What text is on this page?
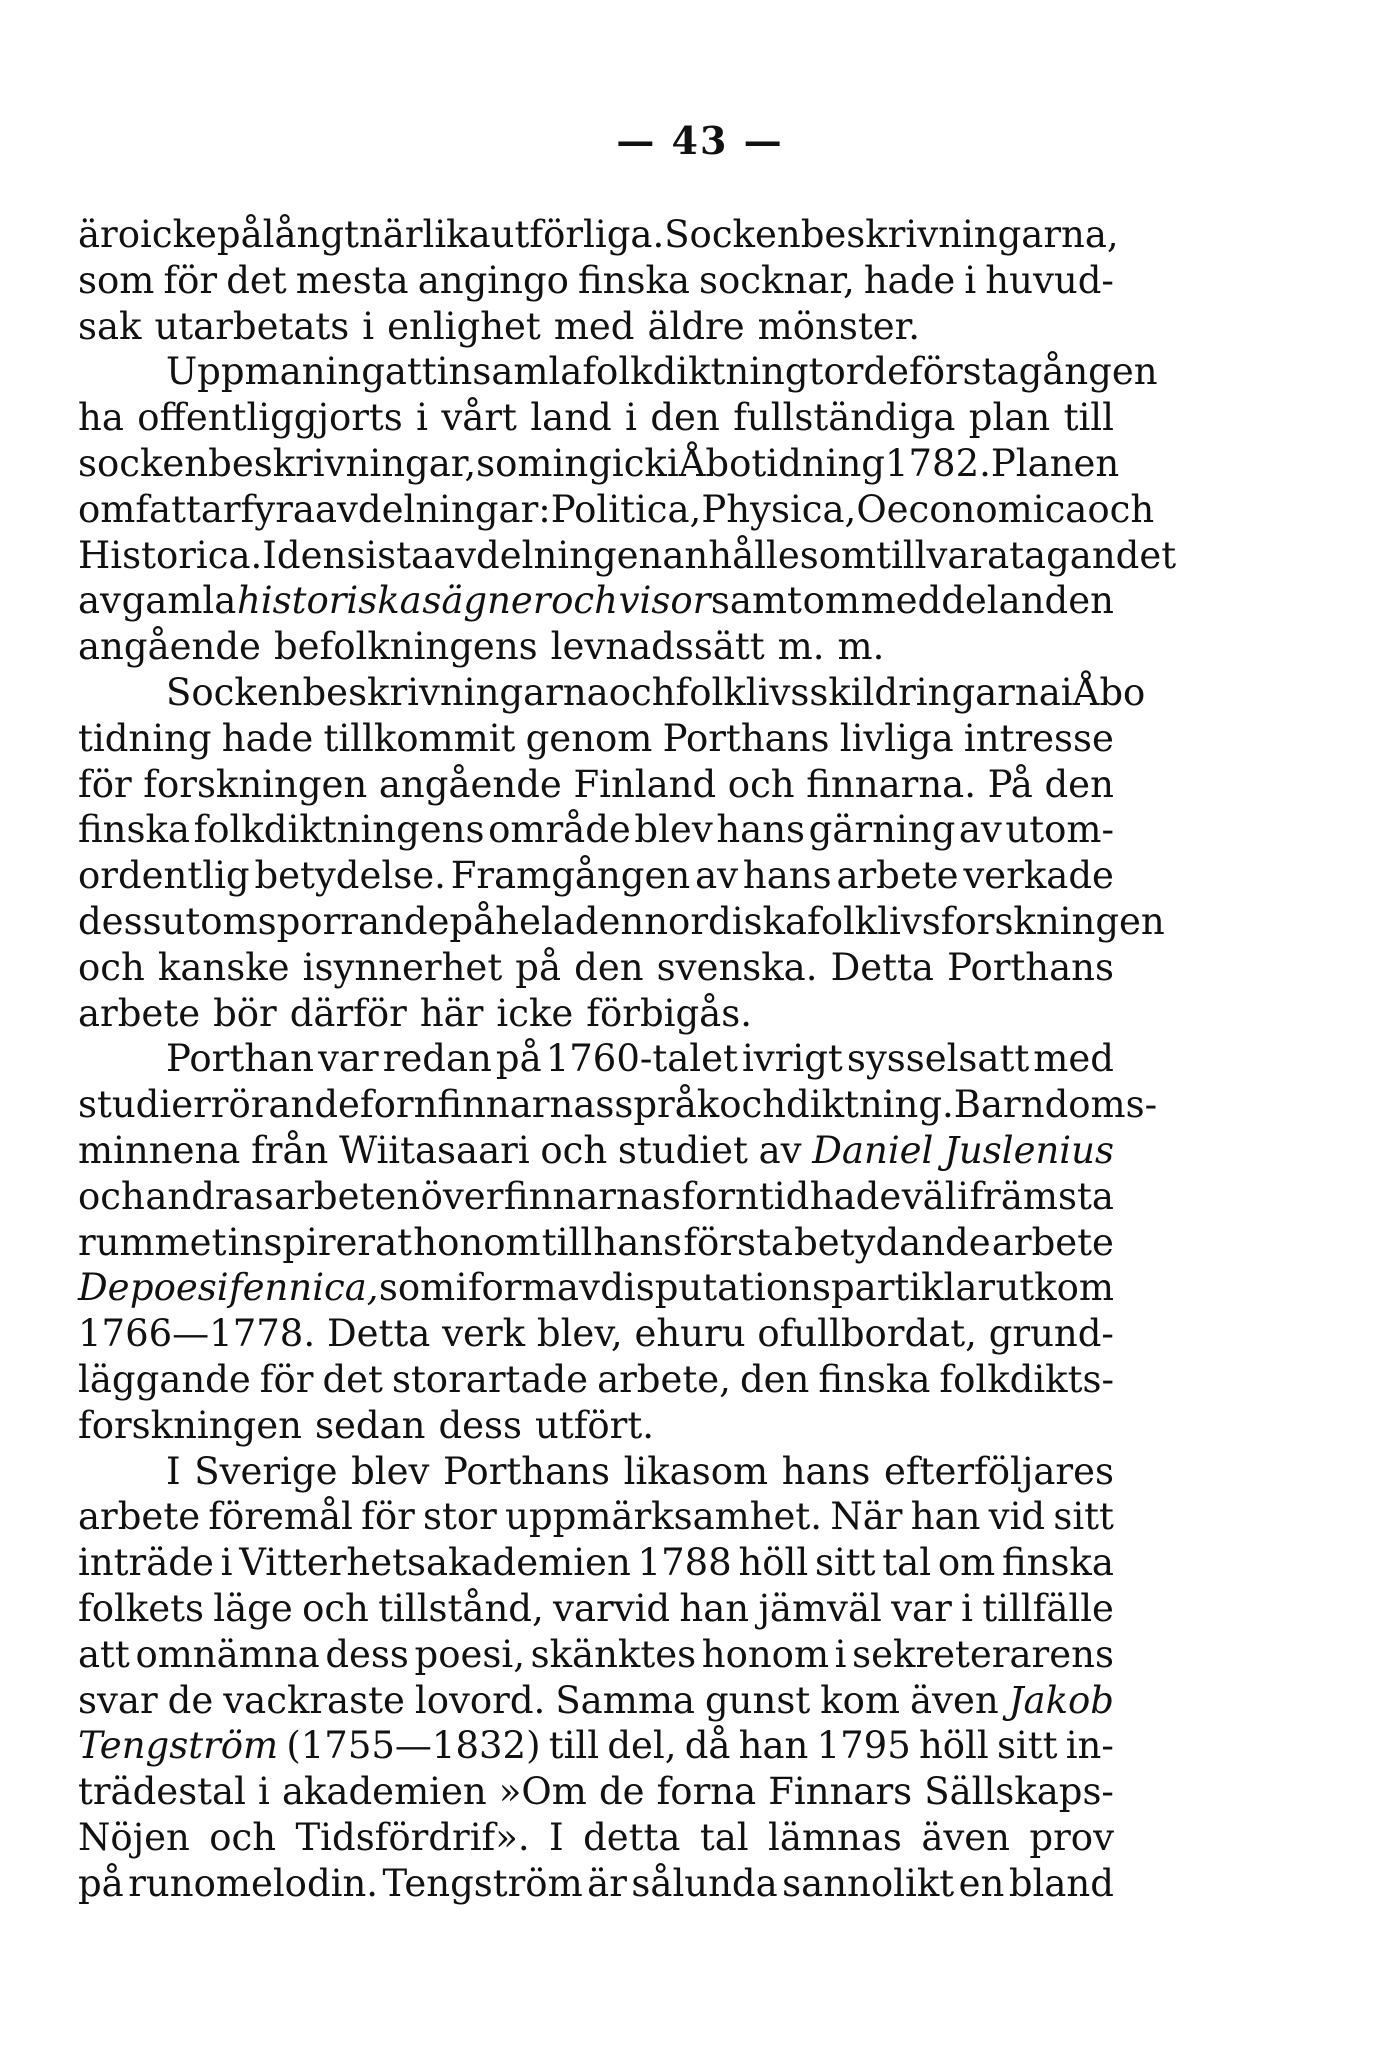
— 43 —
äro icke på långt när lika utförliga. Sockenbeskrivningarna,
som för det mesta angingo finska socknar, hade i huvud-
sak utarbetats i enlighet med äldre mönster.
Uppmaning att insamla folkdiktning torde första gången
ha offentliggjorts i vårt land i den fullständiga plan till
sockenbeskrivningar, som ingick i Åbo tidning 1782. Planen
omfattar fyra avdelningar: Politica, Physica, Oeconomica och
Historica. I den sista avdelningen anhålles om tillvaratagandet
av gamla historiska sägner och visor samt om meddelanden
angående befolkningens levnadssätt m. m.
Sockenbeskrivningarna och folklivsskildringarna i Åbo
tidning hade tillkommit genom Porthans livliga intresse
för forskningen angående Finland och finnarna. På den
finska folkdiktningens område blev hans gärning av utom-
ordentlig betydelse. Framgången av hans arbete verkade
dessutom sporrande på hela den nordiska folklivsforskningen
och kanske isynnerhet på den svenska. Detta Porthans
arbete bör därför här icke förbigås.
Porthan var redan på 1760-talet ivrigt sysselsatt med
studier rörande fornfinnarnas språk och diktning. Barndoms-
minnena från Wiitasaari och studiet av Daniel Juslenius
och andras arbeten över finnarnas forntid hade väl i främsta
rummet inspirerat honom till hans första betydande arbete
De poesi fennica, som i form av disputationspartiklar utkom
1766—1778. Detta verk blev, ehuru ofullbordat, grund-
läggande för det storartade arbete, den finska folkdikts-
forskningen sedan dess utfört.
I Sverige blev Porthans likasom hans efterföljares
arbete föremål för stor uppmärksamhet. När han vid sitt
inträde i Vitterhetsakademien 1788 höll sitt tal om finska
folkets läge och tillstånd, varvid han jämväl var i tillfälle
att omnämna dess poesi, skänktes honom i sekreterarens
svar de vackraste lovord. Samma gunst kom även Jakob
Tengström (1755—1832) till del, då han 1795 höll sitt in-
trädestal i akademien »Om de forna Finnars Sällskaps-
Nöjen och Tidsfördrif». I detta tal lämnas även prov
på runomelodin. Tengström är sålunda sannolikt en bland
